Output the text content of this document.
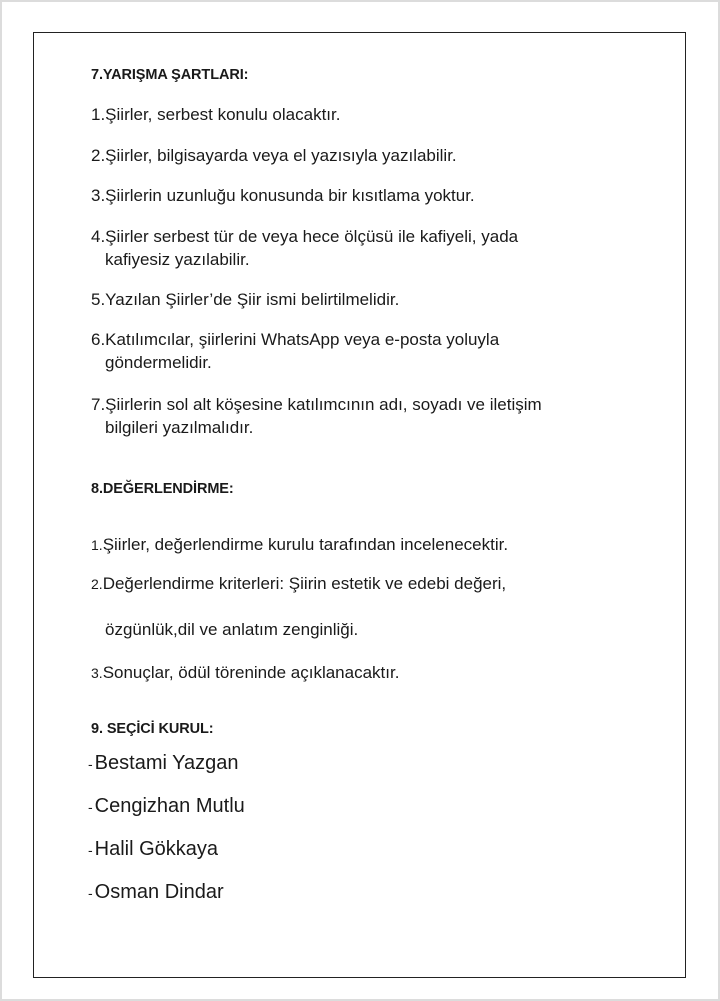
7.YARIŞMA ŞARTLARI:
1.Şiirler, serbest konulu olacaktır.
2.Şiirler, bilgisayarda veya el yazısıyla yazılabilir.
3.Şiirlerin uzunluğu konusunda bir kısıtlama yoktur.
4.Şiirler serbest tür de veya hece ölçüsü ile kafiyeli, yada
kafiyesiz yazılabilir.
5.Yazılan Şiirler’de Şiir ismi belirtilmelidir.
6.Katılımcılar, şiirlerini WhatsApp veya e-posta yoluyla
göndermelidir.
7.Şiirlerin sol alt köşesine katılımcının adı, soyadı ve iletişim
bilgileri yazılmalıdır.
8.DEĞERLENDİRME:
1.Şiirler, değerlendirme kurulu tarafından incelenecektir.
2.Değerlendirme kriterleri: Şiirin estetik ve edebi değeri,
özgünlük,dil ve anlatım zenginliği.
3.Sonuçlar, ödül töreninde açıklanacaktır.
9. SEÇİCİ KURUL:
- Bestami Yazgan
- Cengizhan Mutlu
- Halil Gökkaya
- Osman Dindar
